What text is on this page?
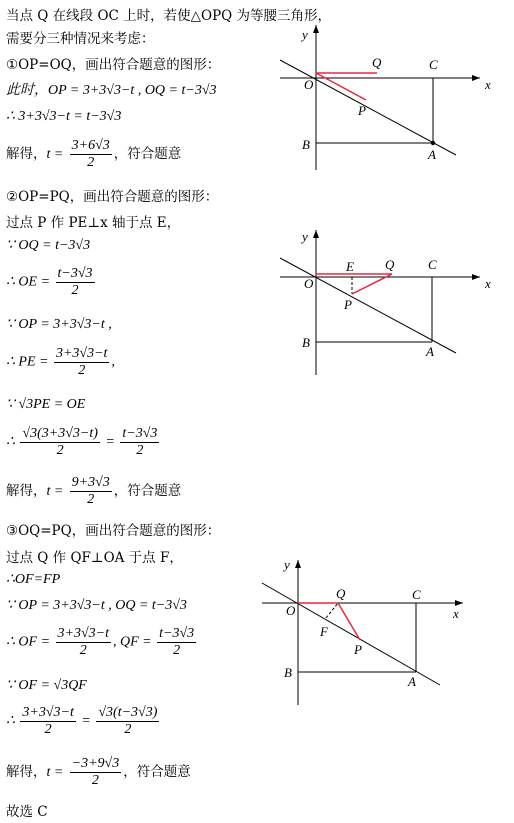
当点 Q 在线段 OC 上时，若使△OPQ 为等腰三角形，
需要分三种情况来考虑：
①OP=OQ，画出符合题意的图形：
此时，OP = 3+3√3−t , OQ = t−3√3
∴ 3+3√3−t = t−3√3
解得，$t = \frac{3+6√3}{2}$ ，符合题意
②OP=PQ，画出符合题意的图形：
过点 P 作 PE⊥x 轴于点 E，
∵ OQ = t−3√3
∴ OE = $\frac{t-3√3}{2}$
∵ OP = 3+3√3−t ,
∴ PE = $\frac{3+3√3-t}{2}$ ,
∵ √3PE = OE
∴ $\frac{√3(3+3√3-t)}{2} = \frac{t-3√3}{2}$
解得，$t = \frac{9+3√3}{2}$ ，符合题意
③OQ=PQ，画出符合题意的图形：
过点 Q 作 QF⊥OA 于点 F，
∴OF=FP
∵ OP = 3+3√3−t , OQ = t−3√3
∴ OF = $\frac{3+3√3-t}{2}$ , QF = $\frac{t-3√3}{2}$
∵ OF = √3QF
∴ $\frac{3+3√3-t}{2} = \frac{√3(t-3√3)}{2}$
解得，$t = \frac{-3+9√3}{2}$ ，符合题意
故选 C
y
x
O
Q	C
P
B
A
y
x
O
E Q	C
P
B
A
y
x
O
Q	C
F
P
B
A
